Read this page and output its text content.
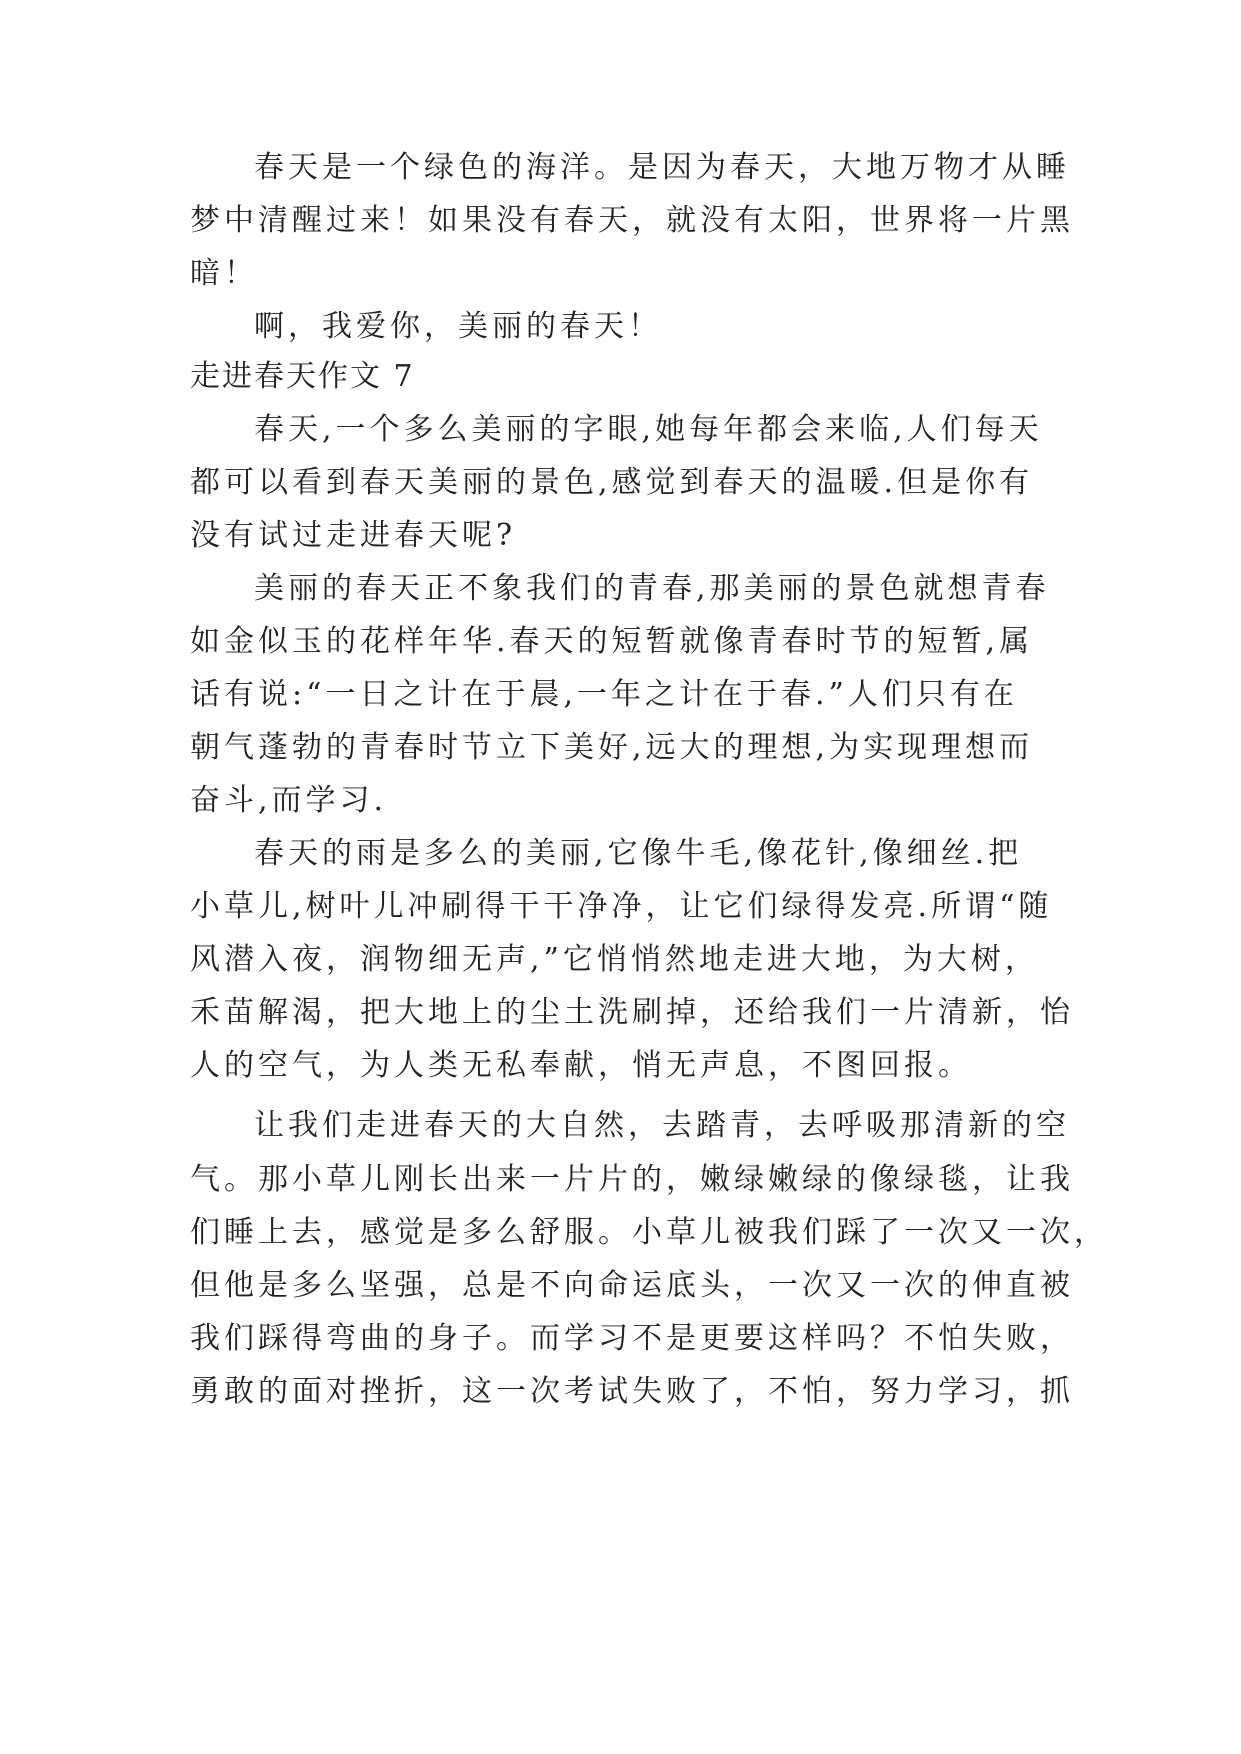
春天是一个绿色的海洋。是因为春天，大地万物才从睡
梦中清醒过来！如果没有春天，就没有太阳，世界将一片黑
暗！
啊，我爱你，美丽的春天！
走进春天作文 7
春天,一个多么美丽的字眼,她每年都会来临,人们每天
都可以看到春天美丽的景色,感觉到春天的温暖.但是你有
没有试过走进春天呢?
美丽的春天正不象我们的青春,那美丽的景色就想青春
如金似玉的花样年华.春天的短暂就像青春时节的短暂,属
话有说:“一日之计在于晨,一年之计在于春.”人们只有在
朝气蓬勃的青春时节立下美好,远大的理想,为实现理想而
奋斗,而学习.
春天的雨是多么的美丽,它像牛毛,像花针,像细丝.把
小草儿,树叶儿冲刷得干干净净，让它们绿得发亮.所谓“随
风潜入夜，润物细无声,”它悄悄然地走进大地，为大树，
禾苗解渴，把大地上的尘土洗刷掉，还给我们一片清新，怡
人的空气，为人类无私奉献，悄无声息，不图回报。
让我们走进春天的大自然，去踏青，去呼吸那清新的空
气。那小草儿刚长出来一片片的，嫩绿嫩绿的像绿毯，让我
们睡上去，感觉是多么舒服。小草儿被我们踩了一次又一次，
但他是多么坚强，总是不向命运底头，一次又一次的伸直被
我们踩得弯曲的身子。而学习不是更要这样吗？不怕失败，
勇敢的面对挫折，这一次考试失败了，不怕，努力学习，抓
